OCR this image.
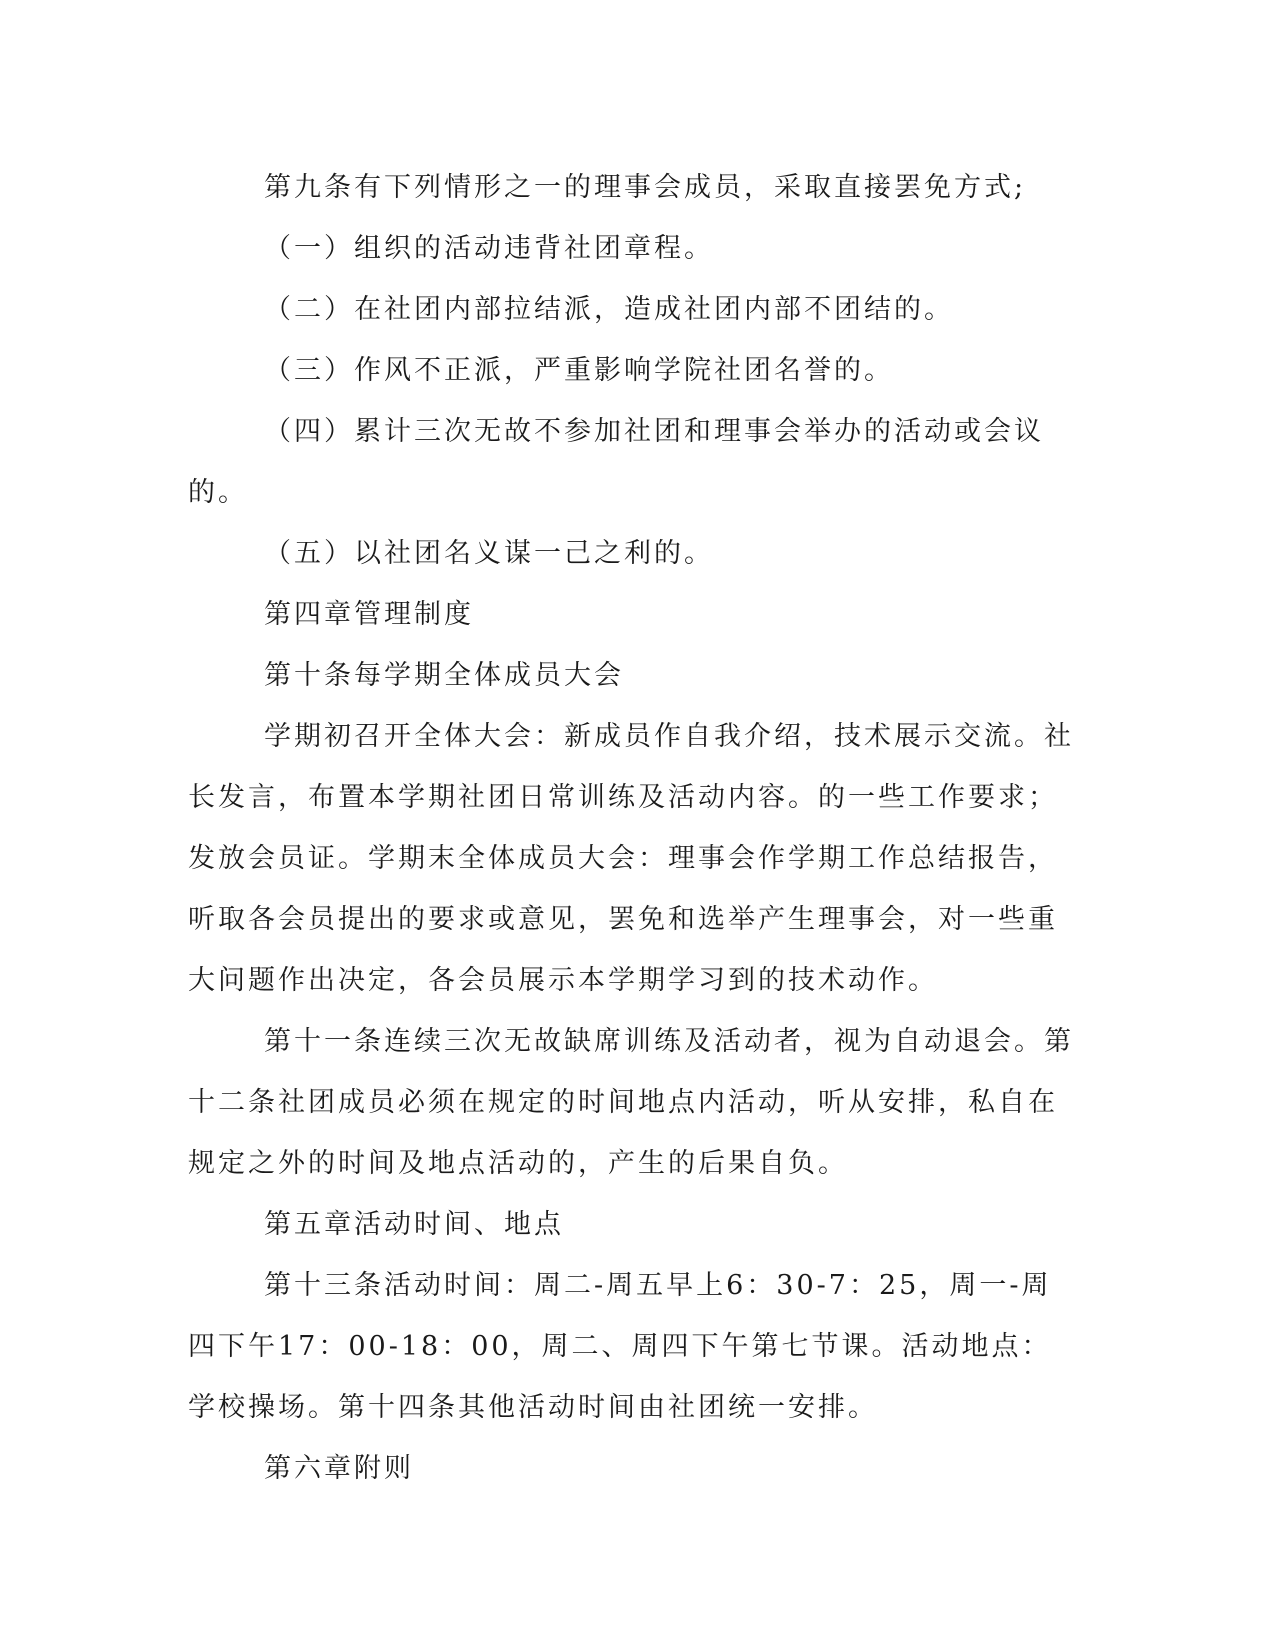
第九条有下列情形之一的理事会成员，采取直接罢免方式;

（一）组织的活动违背社团章程。

（二）在社团内部拉结派，造成社团内部不团结的。

（三）作风不正派，严重影响学院社团名誉的。

（四）累计三次无故不参加社团和理事会举办的活动或会议的。

（五）以社团名义谋一己之利的。

第四章管理制度

第十条每学期全体成员大会

学期初召开全体大会：新成员作自我介绍，技术展示交流。社长发言，布置本学期社团日常训练及活动内容。的一些工作要求；发放会员证。学期末全体成员大会：理事会作学期工作总结报告，听取各会员提出的要求或意见，罢免和选举产生理事会，对一些重大问题作出决定，各会员展示本学期学习到的技术动作。

第十一条连续三次无故缺席训练及活动者，视为自动退会。第十二条社团成员必须在规定的时间地点内活动，听从安排，私自在规定之外的时间及地点活动的，产生的后果自负。

第五章活动时间、地点

第十三条活动时间：周二-周五早上6：30-7：25，周一-周四下午17：00-18：00，周二、周四下午第七节课。活动地点：学校操场。第十四条其他活动时间由社团统一安排。

第六章附则
